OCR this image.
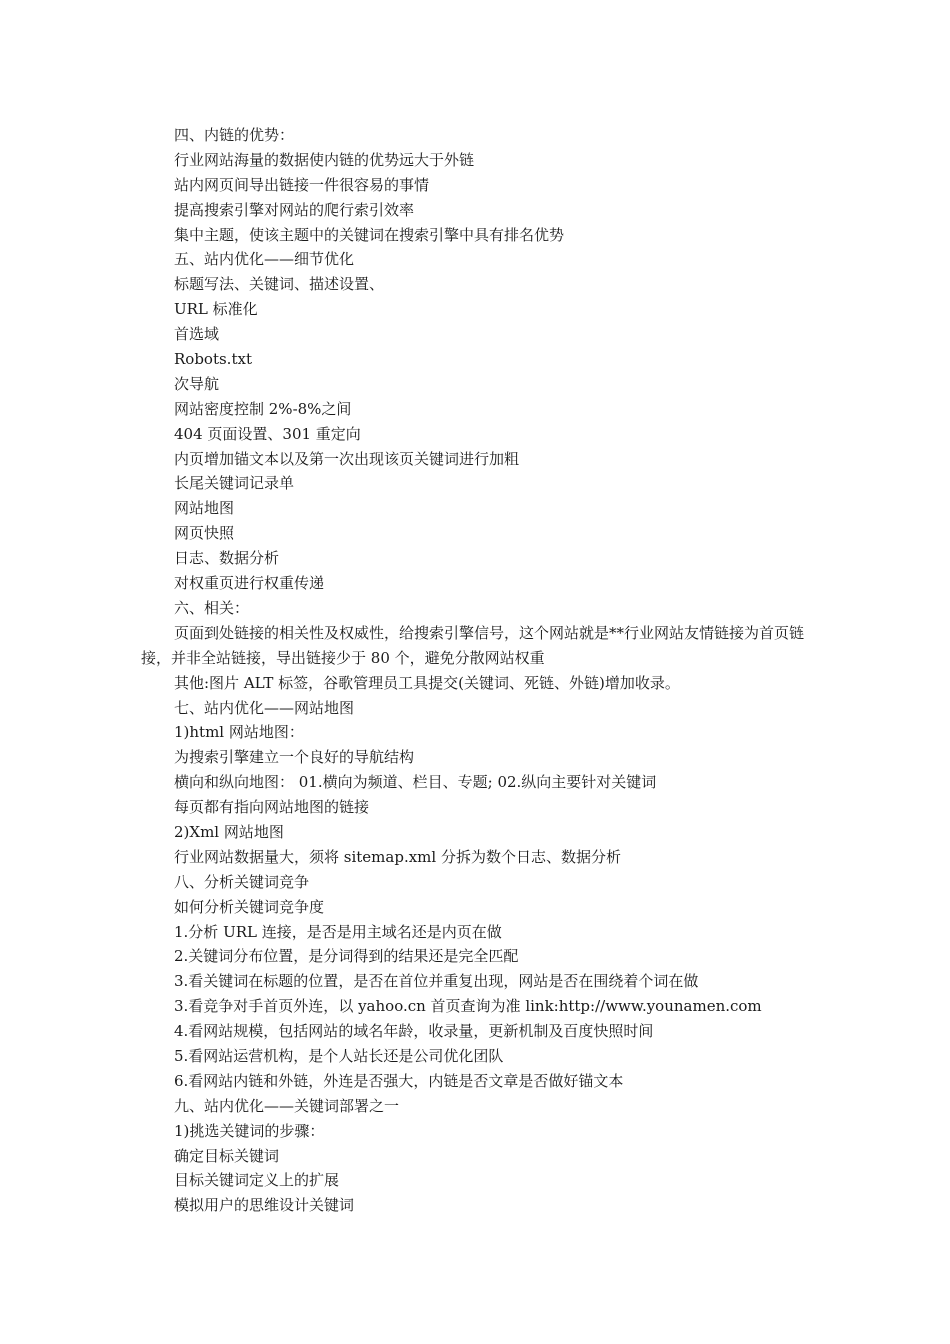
四、内链的优势：
行业网站海量的数据使内链的优势远大于外链
站内网页间导出链接一件很容易的事情
提高搜索引擎对网站的爬行索引效率
集中主题，使该主题中的关键词在搜索引擎中具有排名优势
五、站内优化——细节优化
标题写法、关键词、描述设置、
URL 标准化
首选域
Robots.txt
次导航
网站密度控制 2%-8%之间
404 页面设置、301 重定向
内页增加锚文本以及第一次出现该页关键词进行加粗
长尾关键词记录单
网站地图
网页快照
日志、数据分析
对权重页进行权重传递
六、相关：
页面到处链接的相关性及权威性，给搜索引擎信号，这个网站就是**行业网站友情链接为首页链接，并非全站链接，导出链接少于 80 个，避免分散网站权重
其他:图片 ALT 标签，谷歌管理员工具提交(关键词、死链、外链)增加收录。
七、站内优化——网站地图
1)html 网站地图：
为搜索引擎建立一个良好的导航结构
横向和纵向地图： 01.横向为频道、栏目、专题; 02.纵向主要针对关键词
每页都有指向网站地图的链接
2)Xml 网站地图
行业网站数据量大，须将 sitemap.xml 分拆为数个日志、数据分析
八、分析关键词竞争
如何分析关键词竞争度
1.分析 URL 连接，是否是用主域名还是内页在做
2.关键词分布位置，是分词得到的结果还是完全匹配
3.看关键词在标题的位置，是否在首位并重复出现，网站是否在围绕着个词在做
3.看竞争对手首页外连，以 yahoo.cn 首页查询为准 link:http://www.younamen.com
4.看网站规模，包括网站的域名年龄，收录量，更新机制及百度快照时间
5.看网站运营机构，是个人站长还是公司优化团队
6.看网站内链和外链，外连是否强大，内链是否文章是否做好锚文本
九、站内优化——关键词部署之一
1)挑选关键词的步骤：
确定目标关键词
目标关键词定义上的扩展
模拟用户的思维设计关键词
